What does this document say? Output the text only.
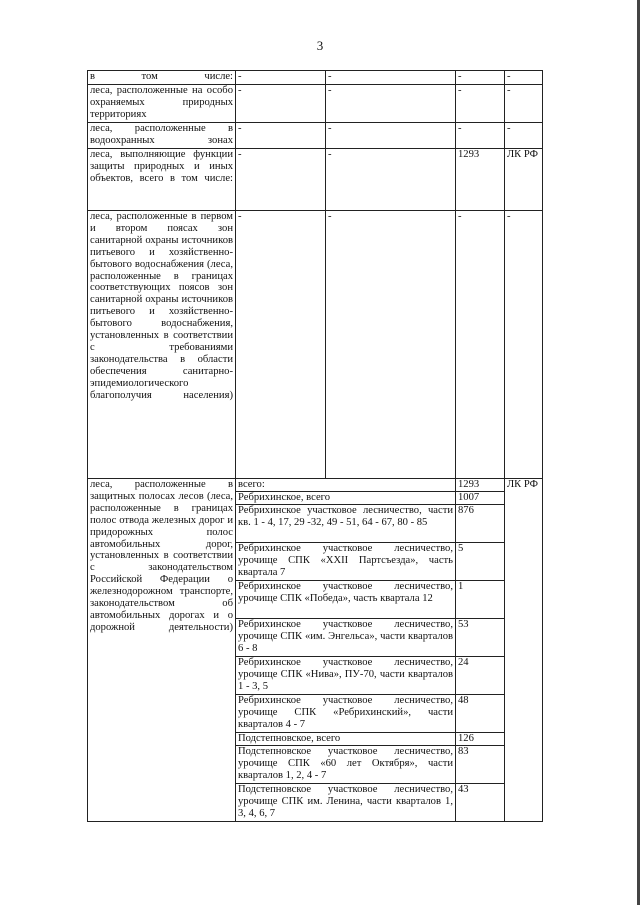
3
в том числе:	-	-	-	-
леса, расположенные на особо охраняемых природных территориях	-	-	-	-
леса, расположенные в водоохранных зонах	-	-	-	-
леса, выполняющие функции защиты природных и иных объектов, всего в том числе:	-	-	1293	ЛК РФ
леса, расположенные в первом и втором поясах зон санитарной охраны источников питьевого и хозяйственно-бытового водоснабжения (леса, расположенные в границах соответствующих поясов зон санитарной охраны источников питьевого и хозяйственно-бытового водоснабжения, установленных в соответствии с требованиями законодательства в области обеспечения санитарно-эпидемиологического благополучия населения)	-	-	-	-
леса, расположенные в защитных полосах лесов (леса, расположенные в границах полос отвода железных дорог и придорожных полос автомобильных дорог, установленных в соответствии с законодательством Российской Федерации о железнодорожном транспорте, законодательством об автомобильных дорогах и о дорожной деятельности)	всего:		1293	ЛК РФ
	Ребрихинское, всего		1007	
	Ребрихинское участковое лесничество, части кв. 1 - 4, 17, 29 -32, 49 - 51, 64 - 67, 80 - 85		876	
	Ребрихинское участковое лесничество, урочище СПК «XXII Партсъезда», часть квартала 7		5	
	Ребрихинское участковое лесничество, урочище СПК «Победа», часть квартала 12		1	
	Ребрихинское участковое лесничество, урочище СПК «им. Энгельса», части кварталов 6 - 8		53	
	Ребрихинское участковое лесничество, урочище СПК «Нива», ПУ-70, части кварталов 1 - 3, 5		24	
	Ребрихинское участковое лесничество, урочище СПК «Ребрихинский», части кварталов 4 - 7		48	
	Подстепновское, всего		126	
	Подстепновское участковое лесничество, урочище СПК «60 лет Октября», части кварталов 1, 2, 4 - 7		83	
	Подстепновское участковое лесничество, урочище СПК им. Ленина, части кварталов 1, 3, 4, 6, 7		43	
